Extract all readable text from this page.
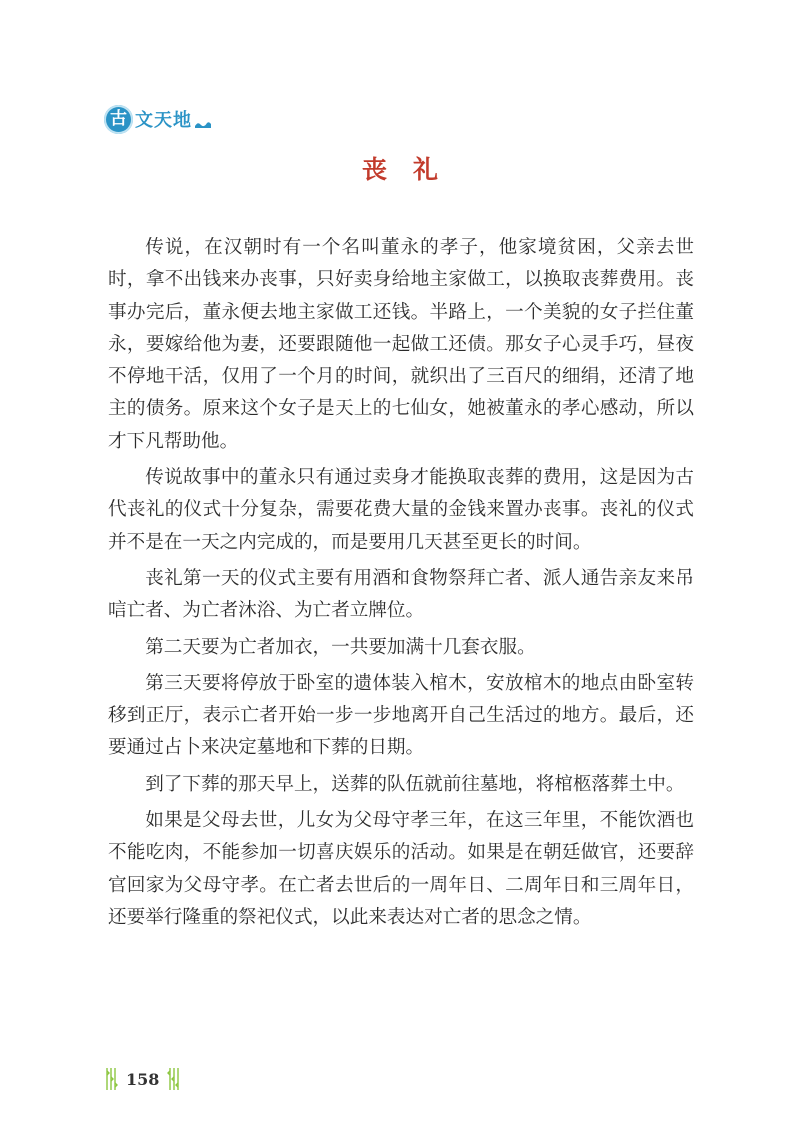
古 文天地
丧 礼

传说，在汉朝时有一个名叫董永的孝子，他家境贫困，父亲去世时，拿不出钱来办丧事，只好卖身给地主家做工，以换取丧葬费用。丧事办完后，董永便去地主家做工还钱。半路上，一个美貌的女子拦住董永，要嫁给他为妻，还要跟随他一起做工还债。那女子心灵手巧，昼夜不停地干活，仅用了一个月的时间，就织出了三百尺的细绢，还清了地主的债务。原来这个女子是天上的七仙女，她被董永的孝心感动，所以才下凡帮助他。

传说故事中的董永只有通过卖身才能换取丧葬的费用，这是因为古代丧礼的仪式十分复杂，需要花费大量的金钱来置办丧事。丧礼的仪式并不是在一天之内完成的，而是要用几天甚至更长的时间。

丧礼第一天的仪式主要有用酒和食物祭拜亡者、派人通告亲友来吊唁亡者、为亡者沐浴、为亡者立牌位。

第二天要为亡者加衣，一共要加满十几套衣服。

第三天要将停放于卧室的遗体装入棺木，安放棺木的地点由卧室转移到正厅，表示亡者开始一步一步地离开自己生活过的地方。最后，还要通过占卜来决定墓地和下葬的日期。

到了下葬的那天早上，送葬的队伍就前往墓地，将棺柩落葬土中。

如果是父母去世，儿女为父母守孝三年，在这三年里，不能饮酒也不能吃肉，不能参加一切喜庆娱乐的活动。如果是在朝廷做官，还要辞官回家为父母守孝。在亡者去世后的一周年日、二周年日和三周年日，还要举行隆重的祭祀仪式，以此来表达对亡者的思念之情。

158
